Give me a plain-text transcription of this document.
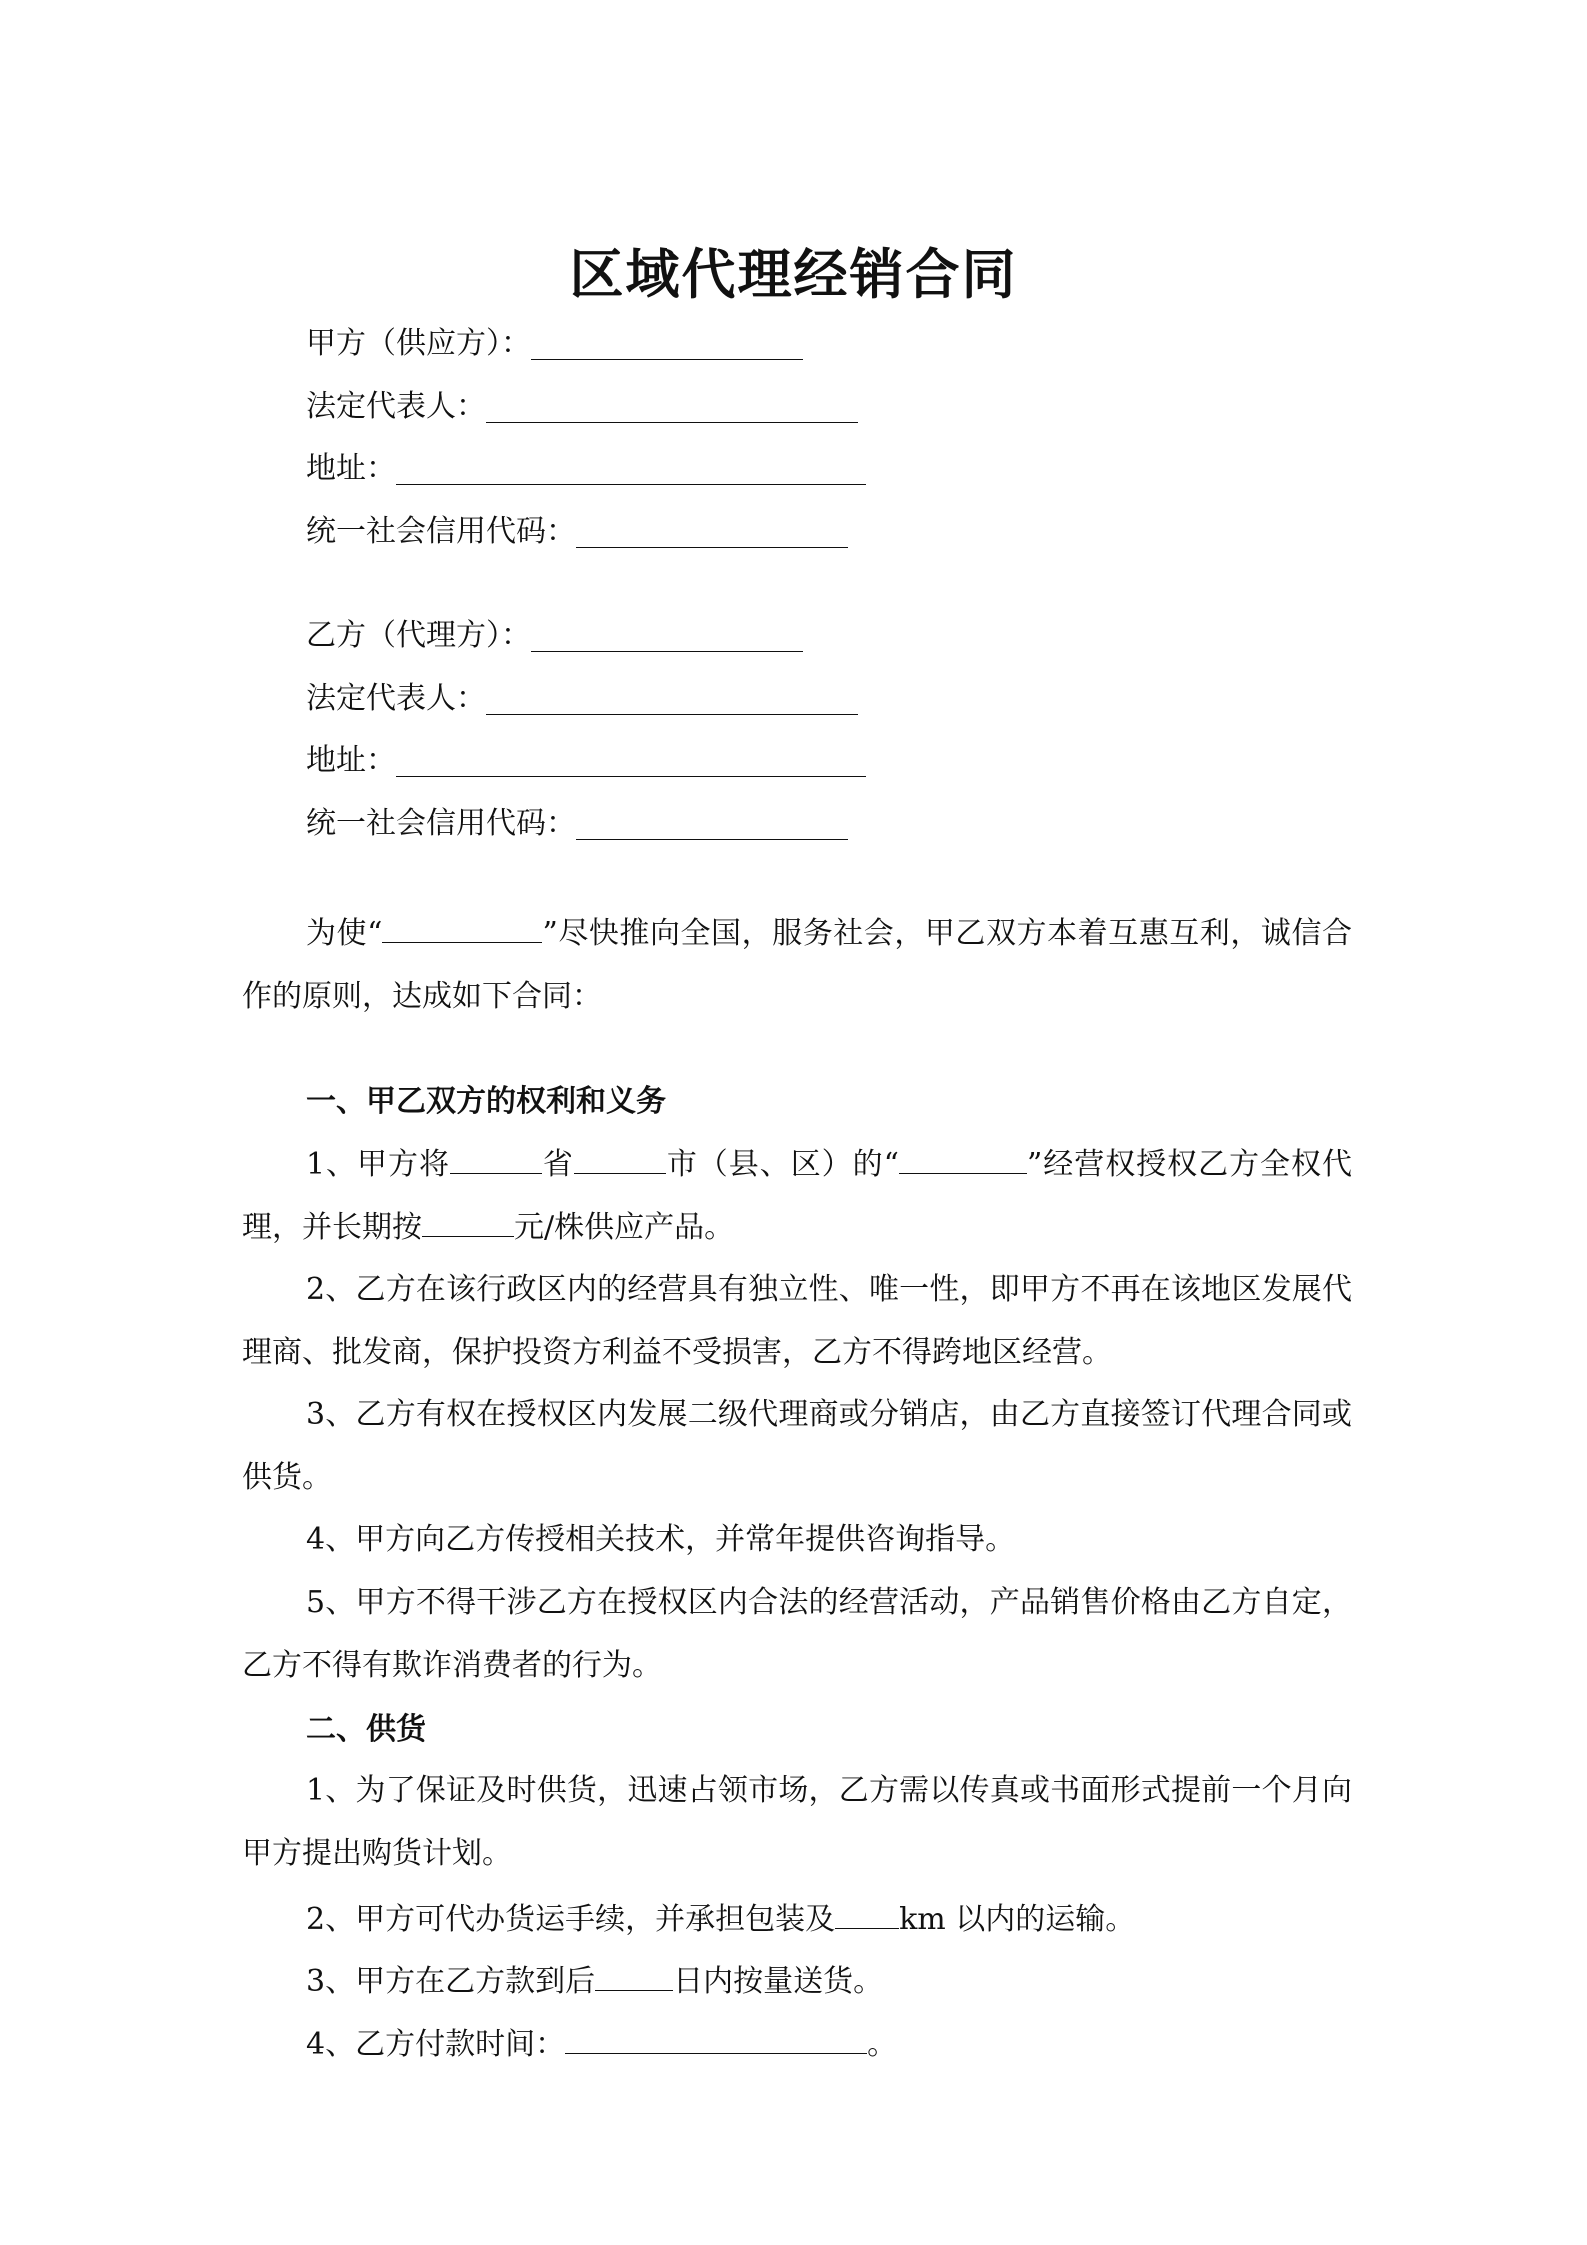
区域代理经销合同
甲方（供应方）：
法定代表人：
地址：
统一社会信用代码：
乙方（代理方）：
法定代表人：
地址：
统一社会信用代码：
为使“	”尽快推向全国，服务社会，甲乙双方本着互惠互利，诚信合作的原则，达成如下合同：
一、甲乙双方的权利和义务
1、甲方将	省	市（县、区）的“	”经营权授权乙方全权代理，并长期按	元/株供应产品。
2、乙方在该行政区内的经营具有独立性、唯一性，即甲方不再在该地区发展代理商、批发商，保护投资方利益不受损害，乙方不得跨地区经营。
3、乙方有权在授权区内发展二级代理商或分销店，由乙方直接签订代理合同或供货。
4、甲方向乙方传授相关技术，并常年提供咨询指导。
5、甲方不得干涉乙方在授权区内合法的经营活动，产品销售价格由乙方自定，乙方不得有欺诈消费者的行为。
二、供货
1、为了保证及时供货，迅速占领市场，乙方需以传真或书面形式提前一个月向甲方提出购货计划。
2、甲方可代办货运手续，并承担包装及 km 以内的运输。
3、甲方在乙方款到后	日内按量送货。
4、乙方付款时间：	。
